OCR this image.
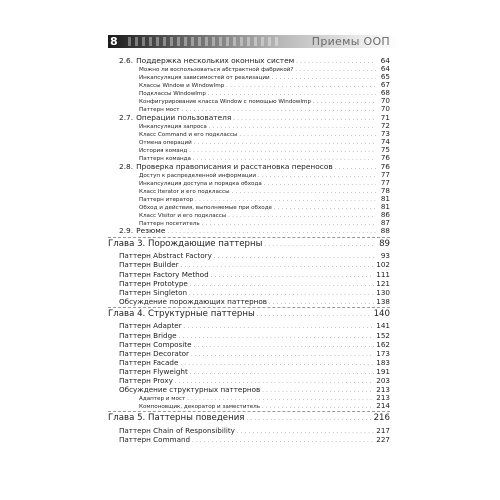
8	Приемы ООП
2.6. Поддержка нескольких оконных систем . . .	64
Можно ли воспользоваться абстрактной фабрикой? . . .	64
Инкапсуляция зависимостей от реализации . . .	65
Классы Window и WindowImp . . .	67
Подклассы WindowImp . . .	68
Конфигурирование класса Window с помощью WindowImp . . .	70
Паттерн мост . . .	70
2.7. Операции пользователя . . .	71
Инкапсуляция запроса . . .	72
Класс Command и его подклассы . . .	73
Отмена операций . . .	74
История команд . . .	75
Паттерн команда . . .	76
2.8. Проверка правописания и расстановка переносов . . .	76
Доступ к распределенной информации . . .	77
Инкапсуляция доступа и порядка обхода . . .	77
Класс Iterator и его подклассы . . .	78
Паттерн итератор . . .	81
Обход и действия, выполняемые при обходе . . .	81
Класс Visitor и его подклассы . . .	86
Паттерн посетитель . . .	87
2.9. Резюме . . .	88
Глава 3. Порождающие паттерны . . .	89
Паттерн Abstract Factory . . .	93
Паттерн Builder . . .	102
Паттерн Factory Method . . .	111
Паттерн Prototype . . .	121
Паттерн Singleton . . .	130
Обсуждение порождающих паттернов . . .	138
Глава 4. Структурные паттерны . . .	140
Паттерн Adapter . . .	141
Паттерн Bridge . . .	152
Паттерн Composite . . .	162
Паттерн Decorator . . .	173
Паттерн Facade . . .	183
Паттерн Flyweight . . .	191
Паттерн Proxy . . .	203
Обсуждение структурных паттернов . . .	213
Адаптер и мост . . .	213
Компоновщик, декоратор и заместитель . . .	214
Глава 5. Паттерны поведения . . .	216
Паттерн Chain of Responsibility . . .	217
Паттерн Command . . .	227
